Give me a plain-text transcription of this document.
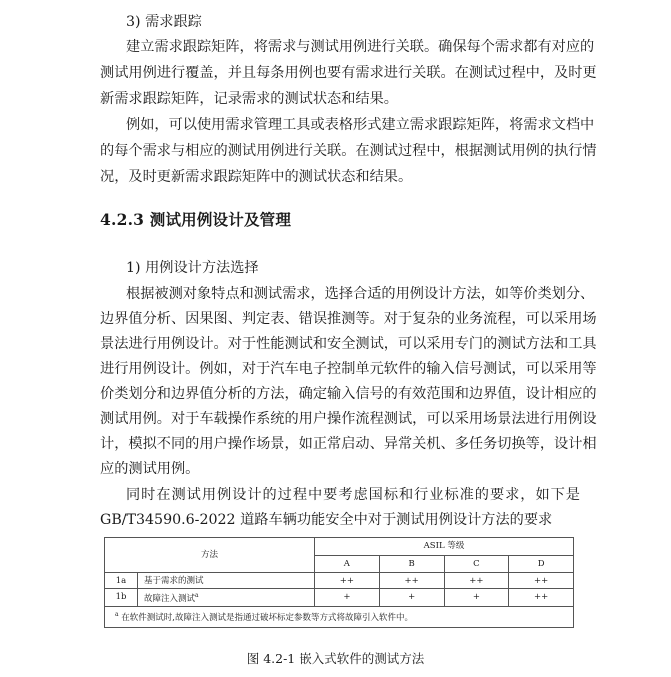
3) 需求跟踪
建立需求跟踪矩阵，将需求与测试用例进行关联。确保每个需求都有对应的
测试用例进行覆盖，并且每条用例也要有需求进行关联。在测试过程中，及时更
新需求跟踪矩阵，记录需求的测试状态和结果。
例如，可以使用需求管理工具或表格形式建立需求跟踪矩阵，将需求文档中
的每个需求与相应的测试用例进行关联。在测试过程中，根据测试用例的执行情
况，及时更新需求跟踪矩阵中的测试状态和结果。
4.2.3 测试用例设计及管理
1) 用例设计方法选择
根据被测对象特点和测试需求，选择合适的用例设计方法，如等价类划分、
边界值分析、因果图、判定表、错误推测等。对于复杂的业务流程，可以采用场
景法进行用例设计。对于性能测试和安全测试，可以采用专门的测试方法和工具
进行用例设计。例如，对于汽车电子控制单元软件的输入信号测试，可以采用等
价类划分和边界值分析的方法，确定输入信号的有效范围和边界值，设计相应的
测试用例。对于车载操作系统的用户操作流程测试，可以采用场景法进行用例设
计，模拟不同的用户操作场景，如正常启动、异常关机、多任务切换等，设计相
应的测试用例。
同时在测试用例设计的过程中要考虑国标和行业标准的要求，如下是
GB/T34590.6-2022 道路车辆功能安全中对于测试用例设计方法的要求
方法		ASIL 等级			
		A	B	C	D
1a	基于需求的测试	++	++	++	++
1b	故障注入测试$^a$	+	+	+	++
$^a$ 在软件测试时,故障注入测试是指通过破坏标定参数等方式将故障引入软件中。					
图 4.2-1 嵌入式软件的测试方法
